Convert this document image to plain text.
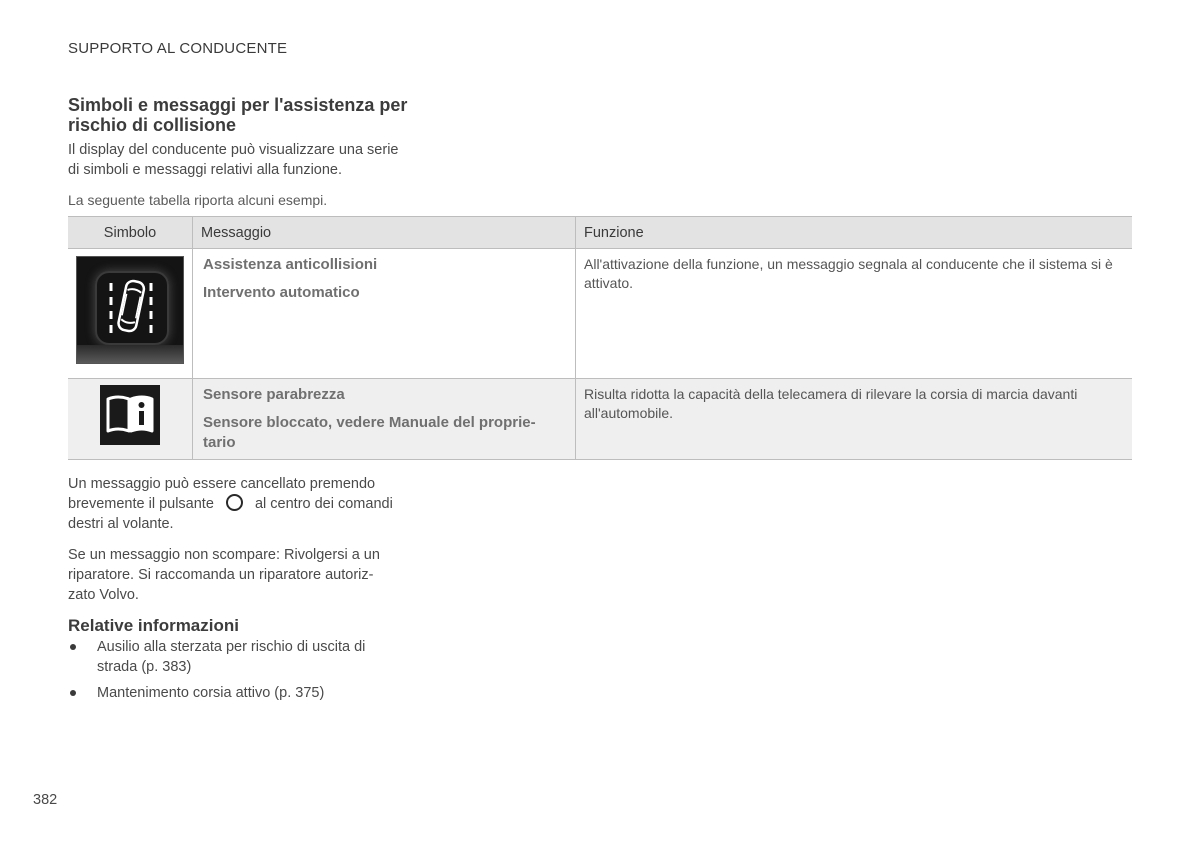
SUPPORTO AL CONDUCENTE
Simboli e messaggi per l'assistenza per rischio di collisione
Il display del conducente può visualizzare una serie di simboli e messaggi relativi alla funzione.
La seguente tabella riporta alcuni esempi.
Simbolo	Messaggio	Funzione

Assistenza anticollisioni
Intervento automatico	All'attivazione della funzione, un messaggio segnala al conducente che il sistema si è attivato.

Sensore parabrezza
Sensore bloccato, vedere Manuale del proprie-tario	Risulta ridotta la capacità della telecamera di rilevare la corsia di marcia davanti all'automobile.
Un messaggio può essere cancellato premendo brevemente il pulsante	al centro dei comandi destri al volante.
Se un messaggio non scompare: Rivolgersi a un riparatore. Si raccomanda un riparatore autoriz-zato Volvo.
Relative informazioni
Ausilio alla sterzata per rischio di uscita di strada (p. 383)
Mantenimento corsia attivo (p. 375)
382
